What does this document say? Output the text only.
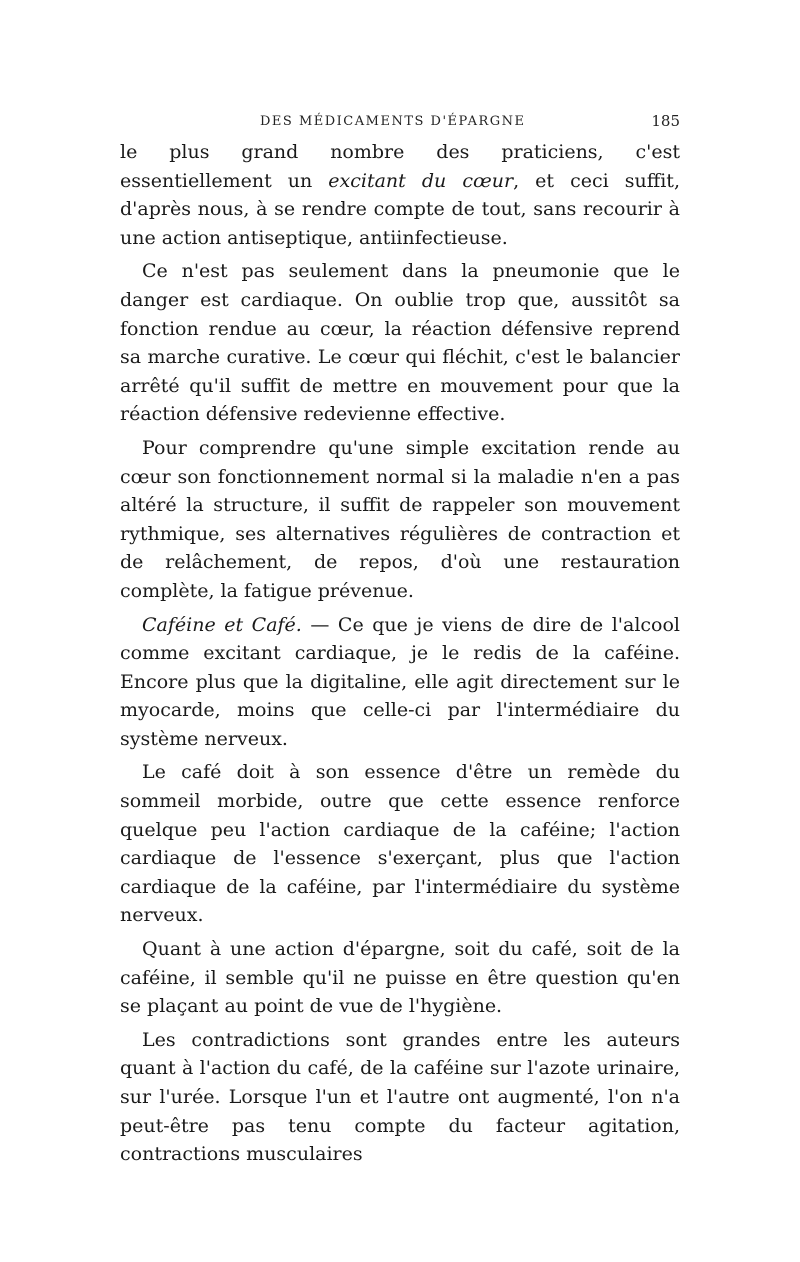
DES MÉDICAMENTS D'ÉPARGNE	185

le plus grand nombre des praticiens, c'est essentiellement un excitant du cœur, et ceci suffit, d'après nous, à se rendre compte de tout, sans recourir à une action antiseptique, antiinfectieuse.

Ce n'est pas seulement dans la pneumonie que le danger est cardiaque. On oublie trop que, aussitôt sa fonction rendue au cœur, la réaction défensive reprend sa marche curative. Le cœur qui fléchit, c'est le balancier arrêté qu'il suffit de mettre en mouvement pour que la réaction défensive redevienne effective.

Pour comprendre qu'une simple excitation rende au cœur son fonctionnement normal si la maladie n'en a pas altéré la structure, il suffit de rappeler son mouvement rythmique, ses alternatives régulières de contraction et de relâchement, de repos, d'où une restauration complète, la fatigue prévenue.

Caféine et Café. — Ce que je viens de dire de l'alcool comme excitant cardiaque, je le redis de la caféine. Encore plus que la digitaline, elle agit directement sur le myocarde, moins que celle-ci par l'intermédiaire du système nerveux.

Le café doit à son essence d'être un remède du sommeil morbide, outre que cette essence renforce quelque peu l'action cardiaque de la caféine; l'action cardiaque de l'essence s'exerçant, plus que l'action cardiaque de la caféine, par l'intermédiaire du système nerveux.

Quant à une action d'épargne, soit du café, soit de la caféine, il semble qu'il ne puisse en être question qu'en se plaçant au point de vue de l'hygiène.

Les contradictions sont grandes entre les auteurs quant à l'action du café, de la caféine sur l'azote urinaire, sur l'urée. Lorsque l'un et l'autre ont augmenté, l'on n'a peut-être pas tenu compte du facteur agitation, contractions musculaires
